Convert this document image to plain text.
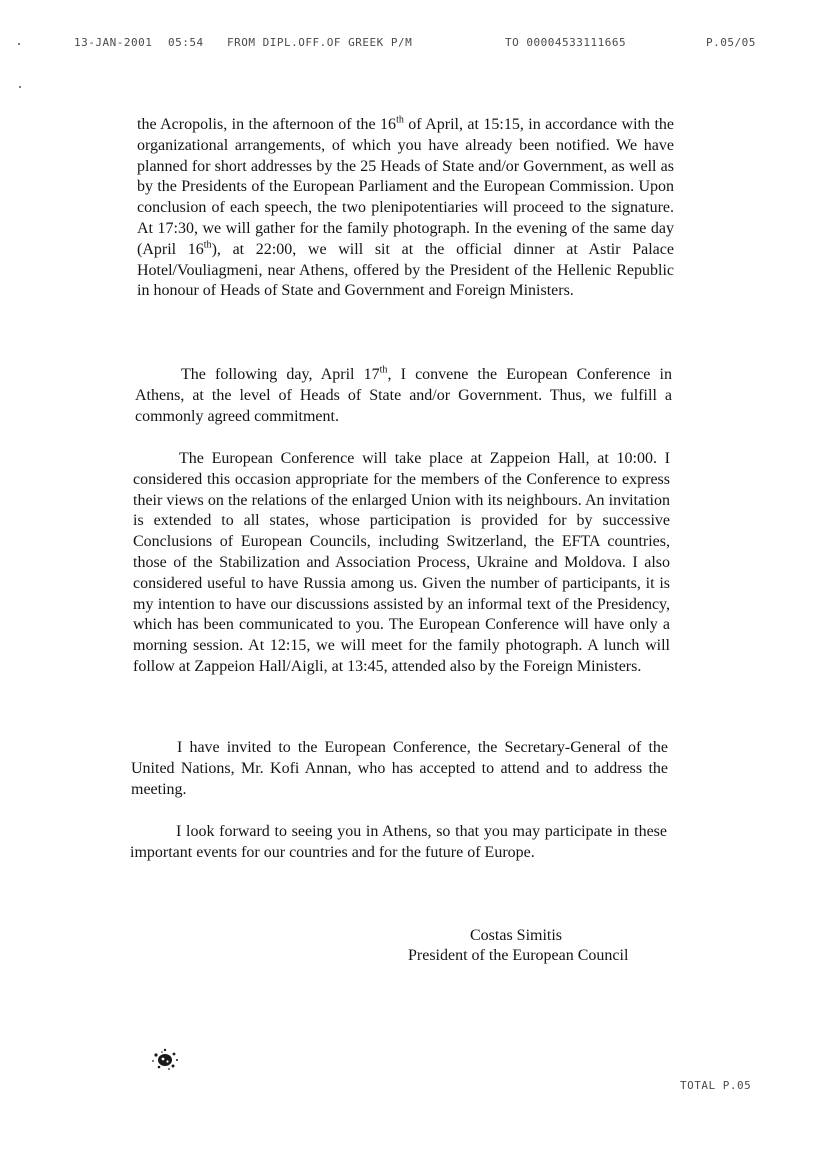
13-JAN-2001 05:54 FROM DIPL.OFF.OF GREEK P/M	TO 00004533111665	P.05/05

the Acropolis, in the afternoon of the 16th of April, at 15:15, in accordance with the organizational arrangements, of which you have already been notified. We have planned for short addresses by the 25 Heads of State and/or Government, as well as by the Presidents of the European Parliament and the European Commission. Upon conclusion of each speech, the two plenipotentiaries will proceed to the signature. At 17:30, we will gather for the family photograph. In the evening of the same day (April 16th), at 22:00, we will sit at the official dinner at Astir Palace Hotel/Vouliagmeni, near Athens, offered by the President of the Hellenic Republic in honour of Heads of State and Government and Foreign Ministers.

The following day, April 17th, I convene the European Conference in Athens, at the level of Heads of State and/or Government. Thus, we fulfill a commonly agreed commitment.

The European Conference will take place at Zappeion Hall, at 10:00. I considered this occasion appropriate for the members of the Conference to express their views on the relations of the enlarged Union with its neighbours. An invitation is extended to all states, whose participation is provided for by successive Conclusions of European Councils, including Switzerland, the EFTA countries, those of the Stabilization and Association Process, Ukraine and Moldova. I also considered useful to have Russia among us. Given the number of participants, it is my intention to have our discussions assisted by an informal text of the Presidency, which has been communicated to you. The European Conference will have only a morning session. At 12:15, we will meet for the family photograph. A lunch will follow at Zappeion Hall/Aigli, at 13:45, attended also by the Foreign Ministers.

I have invited to the European Conference, the Secretary-General of the United Nations, Mr. Kofi Annan, who has accepted to attend and to address the meeting.

I look forward to seeing you in Athens, so that you may participate in these important events for our countries and for the future of Europe.

Costas Simitis
President of the European Council
TOTAL P.05
